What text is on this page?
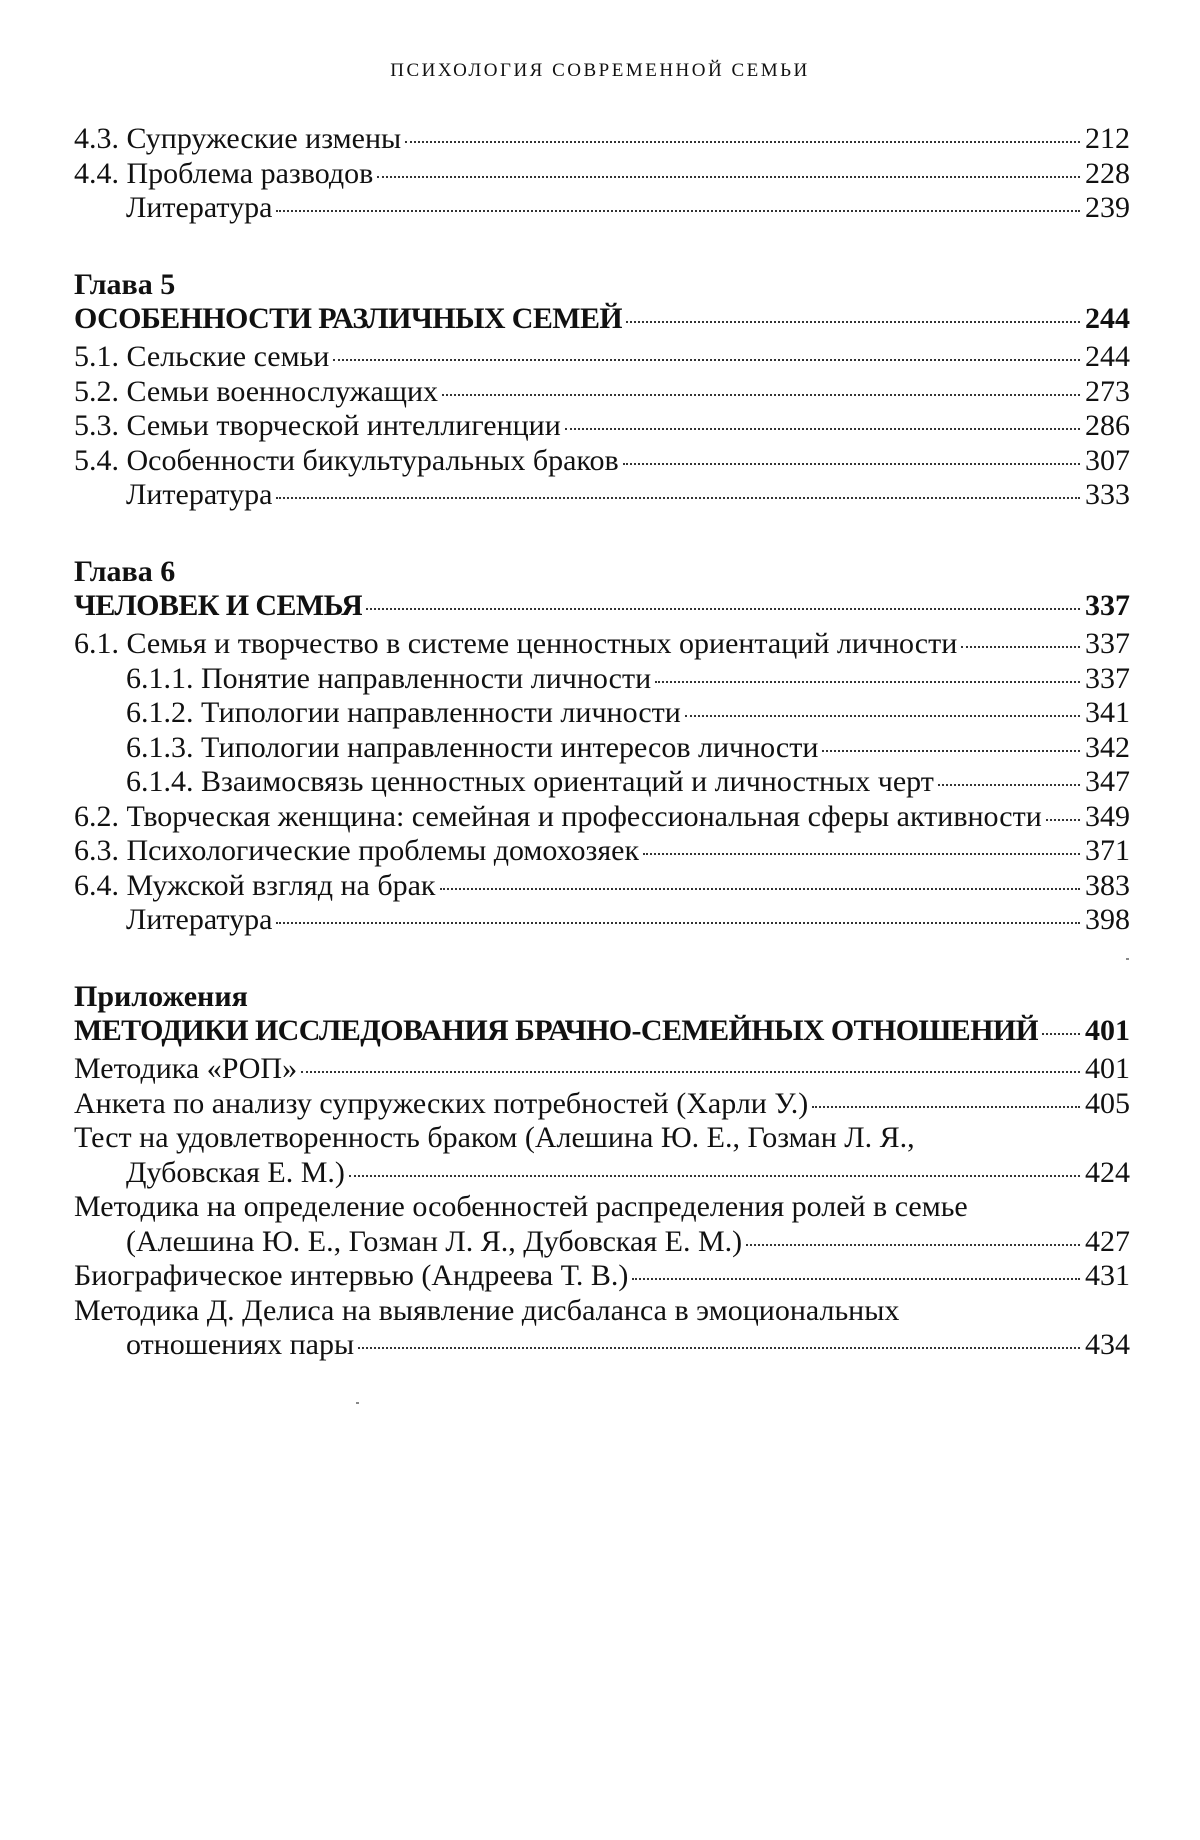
ПСИХОЛОГИЯ СОВРЕМЕННОЙ СЕМЬИ
4.3. Супружеские измены	212
4.4. Проблема разводов	228
Литература	239
Глава 5
ОСОБЕННОСТИ РАЗЛИЧНЫХ СЕМЕЙ	244
5.1. Сельские семьи	244
5.2. Семьи военнослужащих	273
5.3. Семьи творческой интеллигенции	286
5.4. Особенности бикультуральных браков	307
Литература	333
Глава 6
ЧЕЛОВЕК И СЕМЬЯ	337
6.1. Семья и творчество в системе ценностных ориентаций личности	337
6.1.1. Понятие направленности личности	337
6.1.2. Типологии направленности личности	341
6.1.3. Типологии направленности интересов личности	342
6.1.4. Взаимосвязь ценностных ориентаций и личностных черт	347
6.2. Творческая женщина: семейная и профессиональная сферы активности 349
6.3. Психологические проблемы домохозяек	371
6.4. Мужской взгляд на брак	383
Литература	398
Приложения
МЕТОДИКИ ИССЛЕДОВАНИЯ БРАЧНО-СЕМЕЙНЫХ ОТНОШЕНИЙ 401
Методика «РОП»	401
Анкета по анализу супружеских потребностей (Харли У.)	405
Тест на удовлетворенность браком (Алешина Ю. Е., Гозман Л. Я.,
Дубовская Е. М.)	424
Методика на определение особенностей распределения ролей в семье
(Алешина Ю. Е., Гозман Л. Я., Дубовская Е. М.)	427
Биографическое интервью (Андреева Т. В.)	431
Методика Д. Делиса на выявление дисбаланса в эмоциональных
отношениях пары	434
